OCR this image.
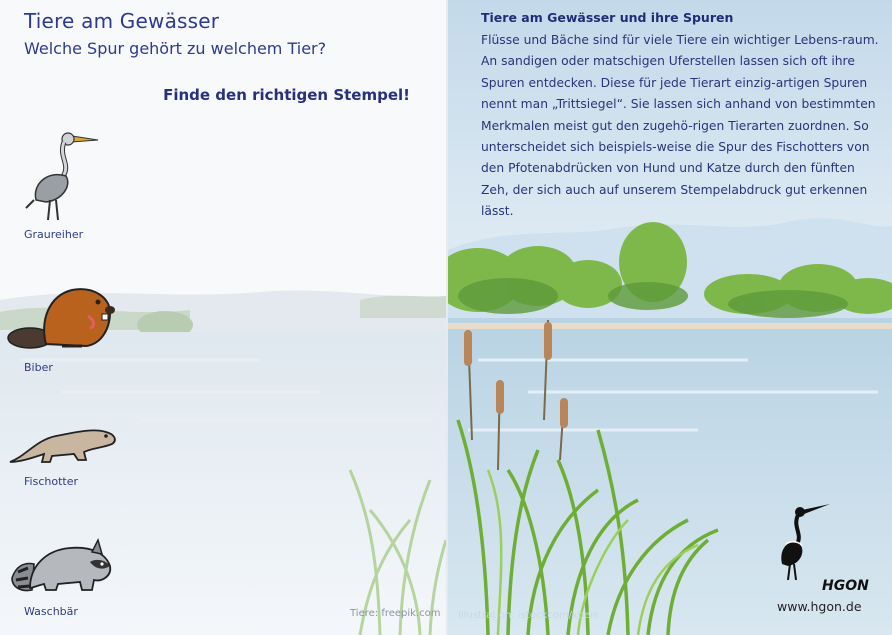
Tiere am Gewässer
Welche Spur gehört zu welchem Tier?
Finde den richtigen Stempel!
Graureiher
Biber
Fischotter
Waschbär	Tiere: freepik.com
Tiere am Gewässer und ihre Spuren
Flüsse und Bäche sind für viele Tiere ein wichtiger Lebens-raum. An sandigen oder matschigen Uferstellen lassen sich oft ihre Spuren entdecken. Diese für jede Tierart einzig-artigen Spuren nennt man „Trittsiegel“. Sie lassen sich anhand von bestimmten Merkmalen meist gut den zugehö-rigen Tierarten zuordnen. So unterscheidet sich beispiels-weise die Spur des Fischotters von den Pfotenabdrücken von Hund und Katze durch den fünften Zeh, der sich auch auf unserem Stempelabdruck gut erkennen lässt.
Illustration: istockcom/kbeis
HGON
www.hgon.de
